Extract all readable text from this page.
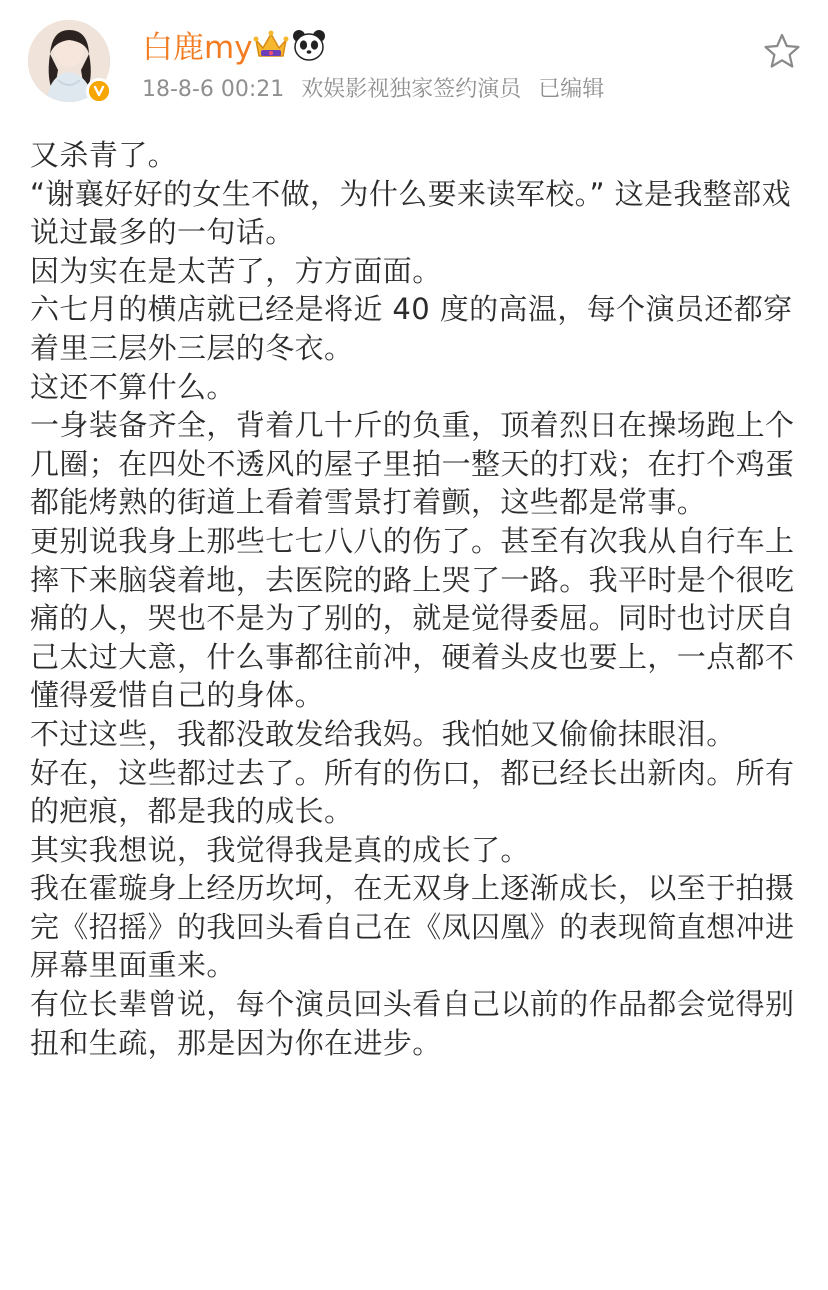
白鹿my
18-8-6 00:21 欢娱影视独家签约演员 已编辑

又杀青了。

“谢襄好好的女生不做，为什么要来读军校。” 这是我整部戏说过最多的一句话。

因为实在是太苦了，方方面面。

六七月的横店就已经是将近 40 度的高温，每个演员还都穿着里三层外三层的冬衣。

这还不算什么。

一身装备齐全，背着几十斤的负重，顶着烈日在操场跑上个几圈；在四处不透风的屋子里拍一整天的打戏；在打个鸡蛋都能烤熟的街道上看着雪景打着颤，这些都是常事。

更别说我身上那些七七八八的伤了。甚至有次我从自行车上摔下来脑袋着地，去医院的路上哭了一路。我平时是个很吃痛的人，哭也不是为了别的，就是觉得委屈。同时也讨厌自己太过大意，什么事都往前冲，硬着头皮也要上，一点都不懂得爱惜自己的身体。

不过这些，我都没敢发给我妈。我怕她又偷偷抹眼泪。

好在，这些都过去了。所有的伤口，都已经长出新肉。所有的疤痕，都是我的成长。

其实我想说，我觉得我是真的成长了。

我在霍璇身上经历坎坷，在无双身上逐渐成长，以至于拍摄完《招摇》的我回头看自己在《凤囚凰》的表现简直想冲进屏幕里面重来。

有位长辈曾说，每个演员回头看自己以前的作品都会觉得别扭和生疏，那是因为你在进步。
